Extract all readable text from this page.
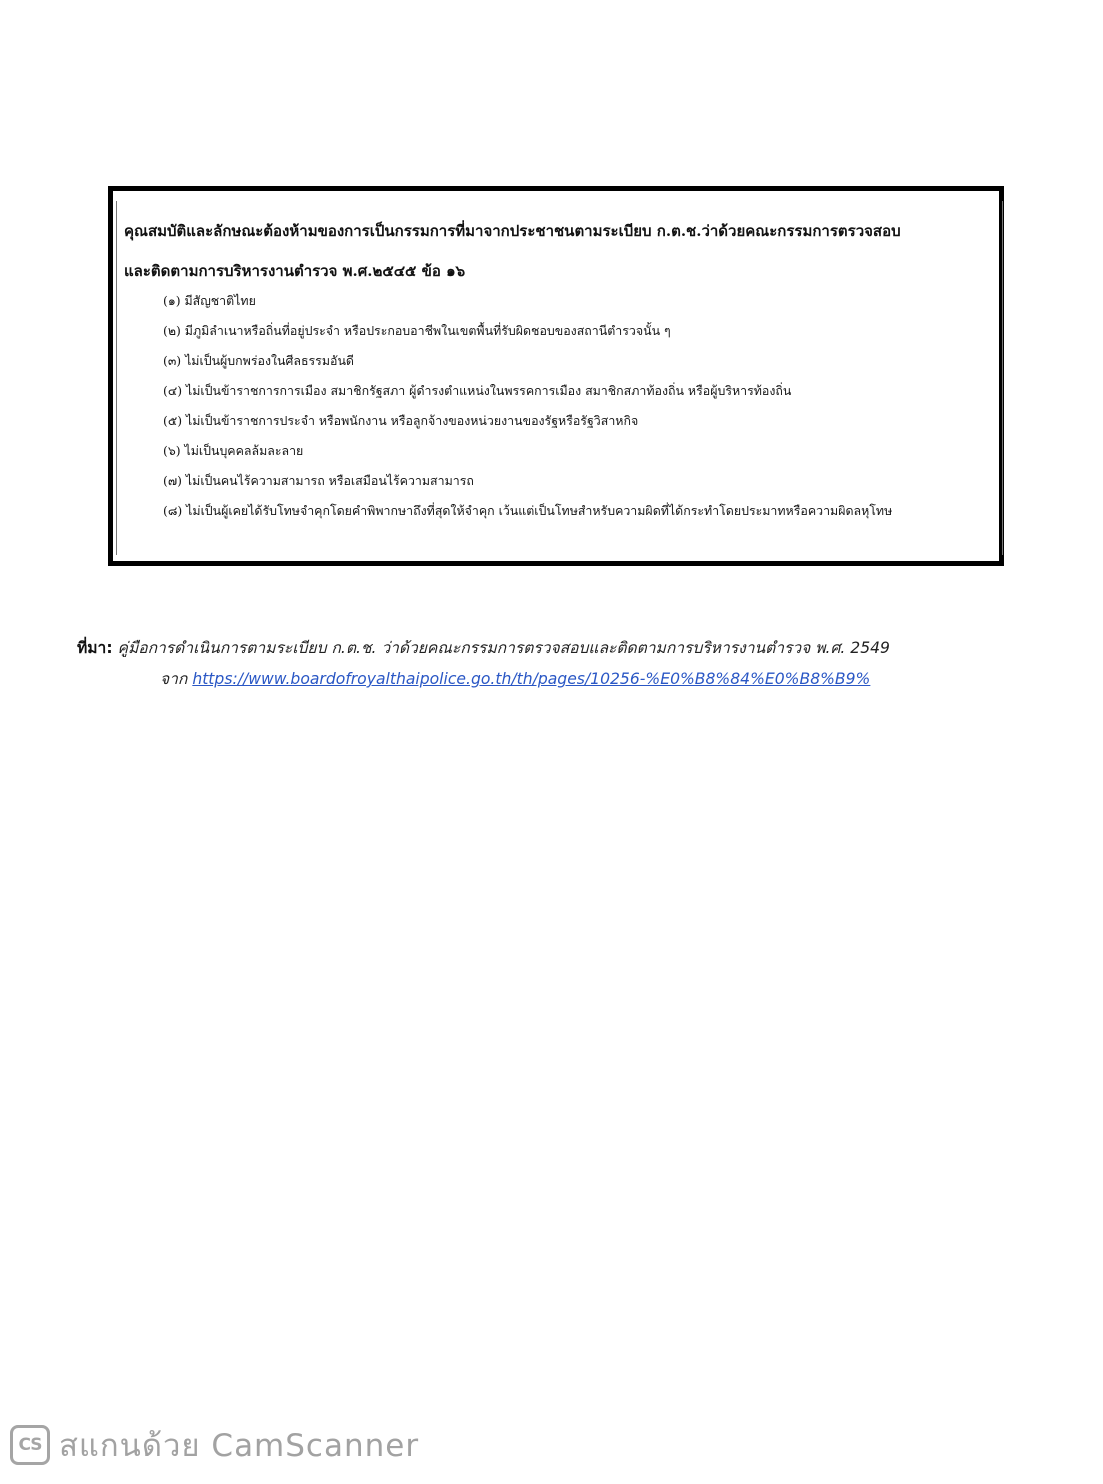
คุณสมบัติและลักษณะต้องห้ามของการเป็นกรรมการที่มาจากประชาชนตามระเบียบ ก.ต.ช.ว่าด้วยคณะกรรมการตรวจสอบ
และติดตามการบริหารงานตำรวจ พ.ศ.๒๕๔๕ ข้อ ๑๖
(๑) มีสัญชาติไทย
(๒) มีภูมิลำเนาหรือถิ่นที่อยู่ประจำ หรือประกอบอาชีพในเขตพื้นที่รับผิดชอบของสถานีตำรวจนั้น ๆ
(๓) ไม่เป็นผู้บกพร่องในศีลธรรมอันดี
(๔) ไม่เป็นข้าราชการการเมือง สมาชิกรัฐสภา ผู้ดำรงตำแหน่งในพรรคการเมือง สมาชิกสภาท้องถิ่น หรือผู้บริหารท้องถิ่น
(๕) ไม่เป็นข้าราชการประจำ หรือพนักงาน หรือลูกจ้างของหน่วยงานของรัฐหรือรัฐวิสาหกิจ
(๖) ไม่เป็นบุคคลล้มละลาย
(๗) ไม่เป็นคนไร้ความสามารถ หรือเสมือนไร้ความสามารถ
(๘) ไม่เป็นผู้เคยได้รับโทษจำคุกโดยคำพิพากษาถึงที่สุดให้จำคุก เว้นแต่เป็นโทษสำหรับความผิดที่ได้กระทำโดยประมาทหรือความผิดลหุโทษ
ที่มา: คู่มือการดำเนินการตามระเบียบ ก.ต.ช. ว่าด้วยคณะกรรมการตรวจสอบและติดตามการบริหารงานตำรวจ พ.ศ. 2549
จาก https://www.boardofroyalthaipolice.go.th/th/pages/10256-%E0%B8%84%E0%B8%B9%
CS สแกนด้วย CamScanner
